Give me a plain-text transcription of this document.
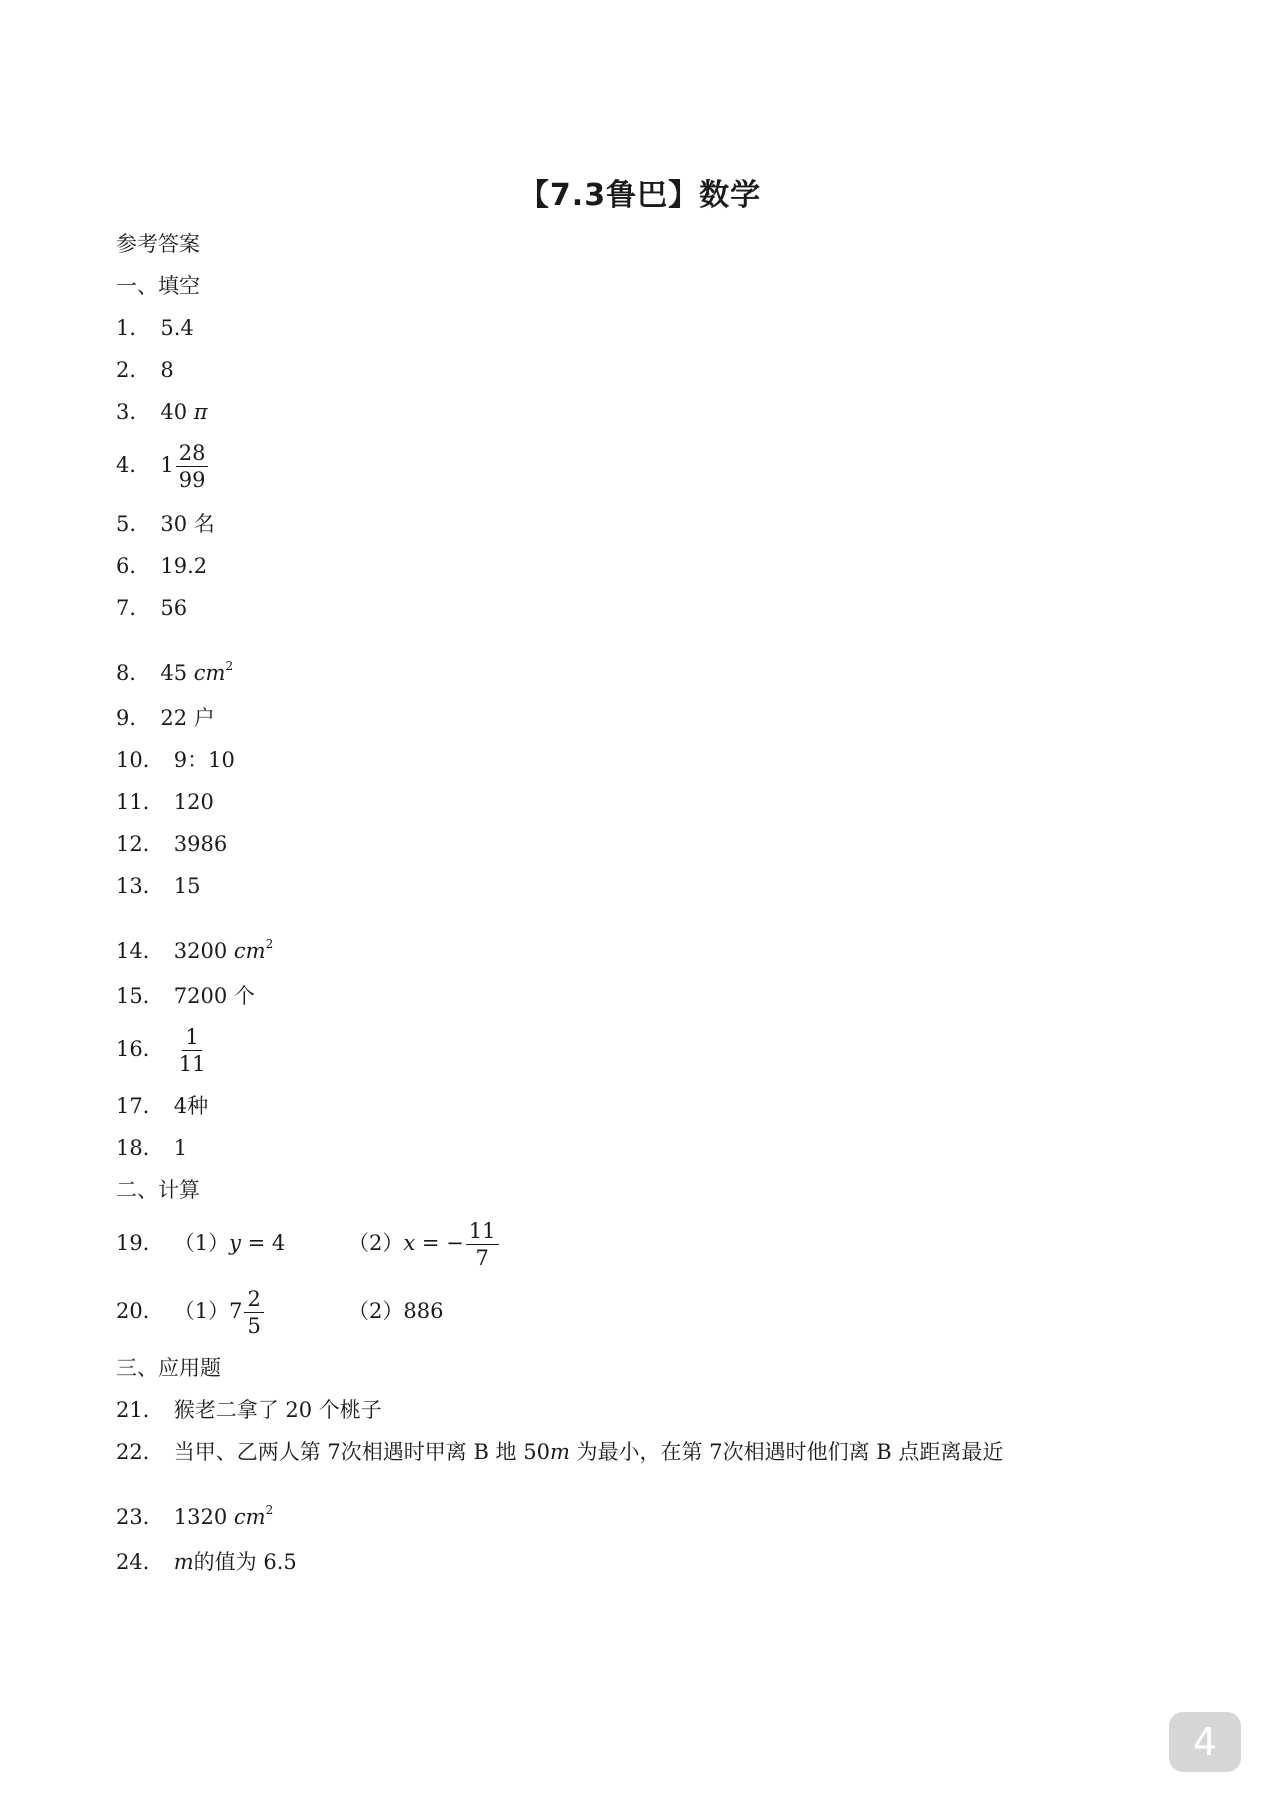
【7.3鲁巴】数学
参考答案
一、填空
1． 5.4
2． 8
3． 40 π
4． $1 \frac{28}{99}$
5． 30 名
6． 19.2
7． 56
8． 45 $cm^2$
9． 22 户
10． 9：10
11． 120
12． 3986
13． 15
14． 3200 $cm^2$
15． 7200 个
16． $\frac{1}{11}$
17． 4种
18． 1
二、计算
19． （1）y = 4	（2）x = − $\frac{11}{7}$
20． $(1)7 \frac{2}{5}$	（2）886
三、应用题
21． 猴老二拿了 20 个桃子
22． 当甲、乙两人第 7次相遇时甲离 B 地 50m 为最小，在第 7次相遇时他们离 B 点距离最近
23． 1320 $cm^2$
24． m的值为 6.5
4
